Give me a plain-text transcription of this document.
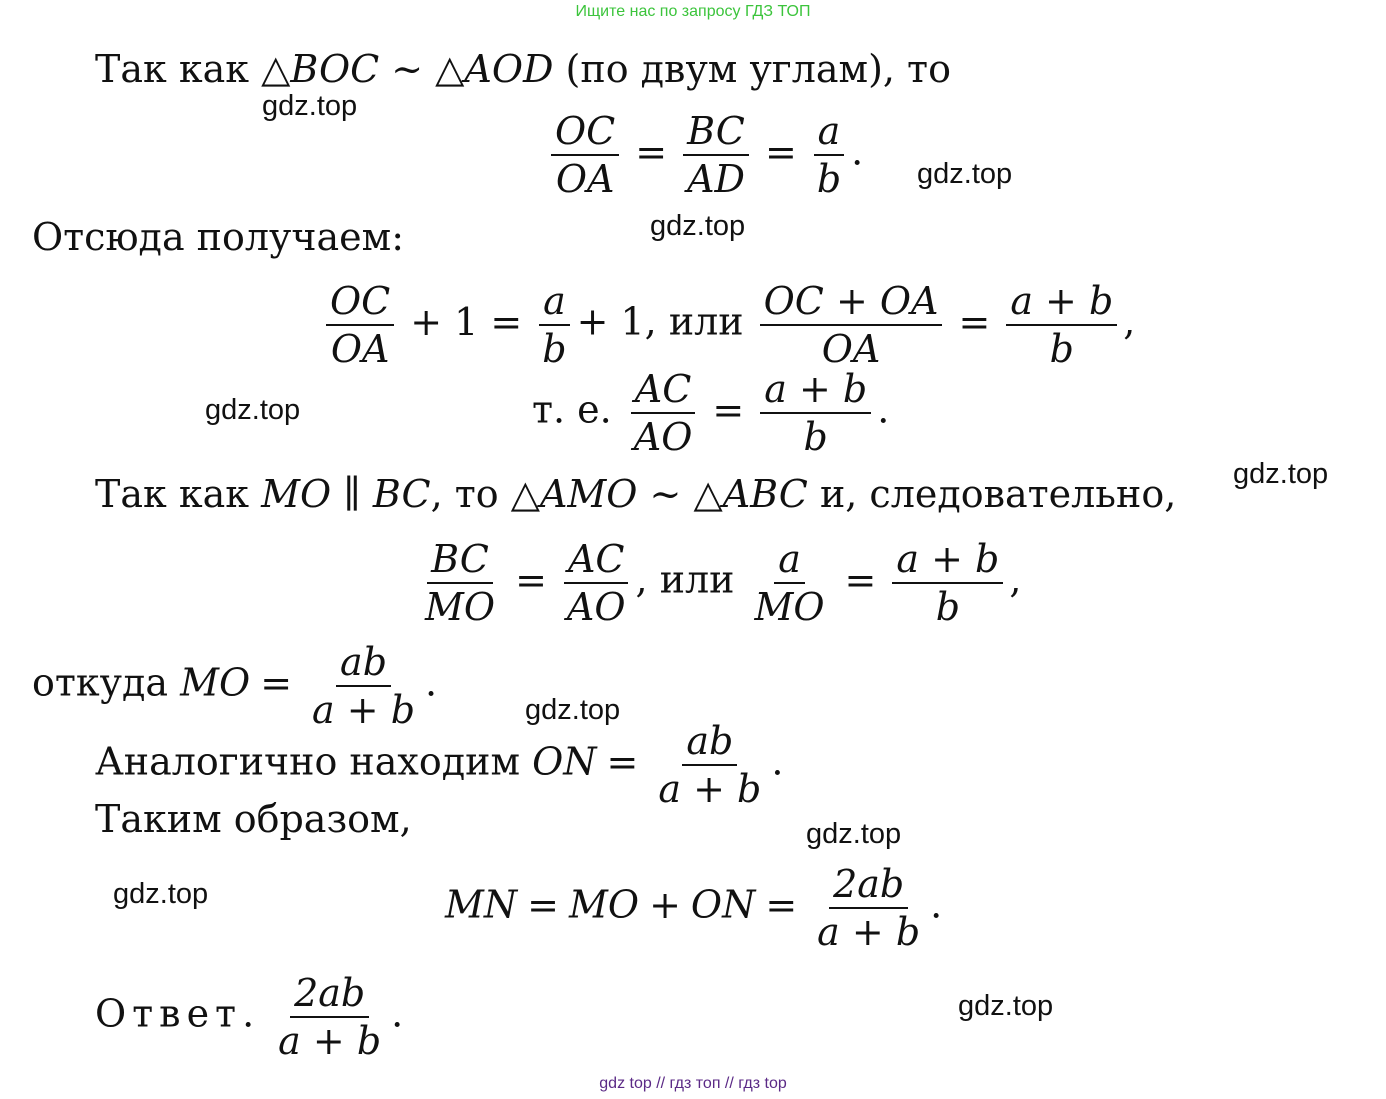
Ищите нас по запросу ГДЗ ТОП
Так как △BOC ~ △AOD (по двум углам), то
$\frac{OC}{OA} = \frac{BC}{AD} = \frac{a}{b}$ .
Отсюда получаем:
$\frac{OC}{OA} + 1 = \frac{a}{b} + 1$, или $\frac{OC + OA}{OA} = \frac{a + b}{b}$ ,
т. е. $\frac{AC}{AO} = \frac{a + b}{b}$ .
Так как MO ∥ BC, то △AMO ~ △ABC и, следовательно,
$\frac{BC}{MO} = \frac{AC}{AO}$ , или $\frac{a}{MO} = \frac{a + b}{b}$ ,
откуда MO = $\frac{ab}{a + b}$ .
Аналогично находим ON = $\frac{ab}{a + b}$ .
Таким образом,
MN = MO + ON = $\frac{2ab}{a + b}$ .
Ответ. $\frac{2ab}{a + b}$ .
gdz.top
gdz.top
gdz.top
gdz.top
gdz.top
gdz.top
gdz.top
gdz.top
gdz.top
gdz top // гдз топ // гдз top
